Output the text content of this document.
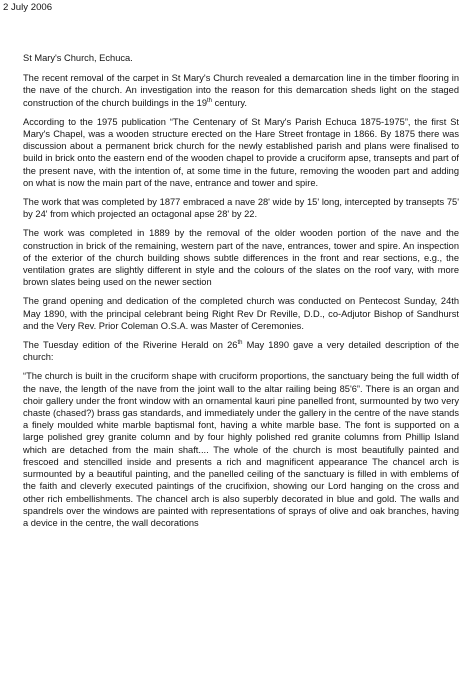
2 July 2006

St Mary's Church, Echuca.

The recent removal of the carpet in St Mary's Church revealed a demarcation line in the timber flooring in the nave of the church. An investigation into the reason for this demarcation sheds light on the staged construction of the church buildings in the 19th century.

According to the 1975 publication “The Centenary of St Mary's Parish Echuca 1875-1975”, the first St Mary's Chapel, was a wooden structure erected on the Hare Street frontage in 1866. By 1875 there was discussion about a permanent brick church for the newly established parish and plans were finalised to build in brick onto the eastern end of the wooden chapel to provide a cruciform apse, transepts and part of the present nave, with the intention of, at some time in the future, removing the wooden part and adding on what is now the main part of the nave, entrance and tower and spire.

The work that was completed by 1877 embraced a nave 28' wide by 15' long, intercepted by transepts 75' by 24' from which projected an octagonal apse 28' by 22.

The work was completed in 1889 by the removal of the older wooden portion of the nave and the construction in brick of the remaining, western part of the nave, entrances, tower and spire. An inspection of the exterior of the church building shows subtle differences in the front and rear sections, e.g., the ventilation grates are slightly different in style and the colours of the slates on the roof vary, with more brown slates being used on the newer section

The grand opening and dedication of the completed church was conducted on Pentecost Sunday, 24th May 1890, with the principal celebrant being Right Rev Dr Reville, D.D., co-Adjutor Bishop of Sandhurst and the Very Rev. Prior Coleman O.S.A. was Master of Ceremonies.

The Tuesday edition of the Riverine Herald on 26th May 1890 gave a very detailed description of the church:

“The church is built in the cruciform shape with cruciform proportions, the sanctuary being the full width of the nave, the length of the nave from the joint wall to the altar railing being 85'6”. There is an organ and choir gallery under the front window with an ornamental kauri pine panelled front, surmounted by two very chaste (chased?) brass gas standards, and immediately under the gallery in the centre of the nave stands a finely moulded white marble baptismal font, having a white marble base. The font is supported on a large polished grey granite column and by four highly polished red granite columns from Phillip Island which are detached from the main shaft.... The whole of the church is most beautifully painted and frescoed and stencilled inside and presents a rich and magnificent appearance The chancel arch is surmounted by a beautiful painting, and the panelled ceiling of the sanctuary is filled in with emblems of the faith and cleverly executed paintings of the crucifixion, showing our Lord hanging on the cross and other rich embellishments. The chancel arch is also superbly decorated in blue and gold. The walls and spandrels over the windows are painted with representations of sprays of olive and oak branches, having a device in the centre, the wall decorations
